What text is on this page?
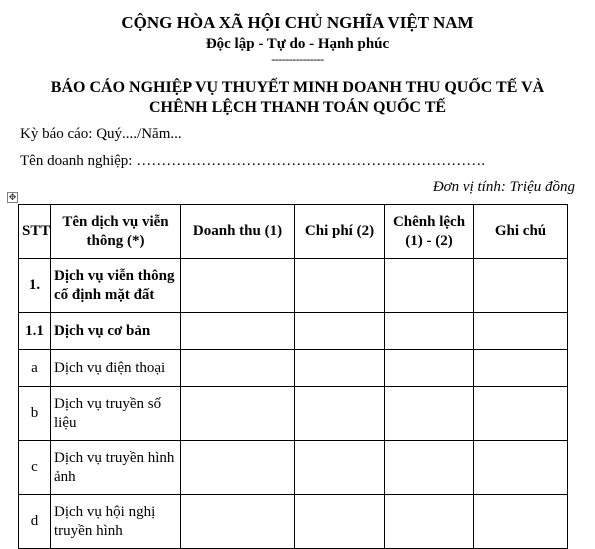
CỘNG HÒA XÃ HỘI CHỦ NGHĨA VIỆT NAM
Độc lập - Tự do - Hạnh phúc
---------------
BÁO CÁO NGHIỆP VỤ THUYẾT MINH DOANH THU QUỐC TẾ VÀ
CHÊNH LỆCH THANH TOÁN QUỐC TẾ
Kỳ báo cáo: Quý..../Năm...
Tên doanh nghiệp: …………………………………………………………….
Đơn vị tính: Triệu đồng
✥
STT	Tên dịch vụ viễn thông (*)	Doanh thu (1)	Chi phí (2)	Chênh lệch (1) - (2)	Ghi chú
1.	Dịch vụ viễn thông cố định mặt đất				
1.1	Dịch vụ cơ bản				
a	Dịch vụ điện thoại				
b	Dịch vụ truyền số liệu				
c	Dịch vụ truyền hình ảnh				
d	Dịch vụ hội nghị truyền hình				
